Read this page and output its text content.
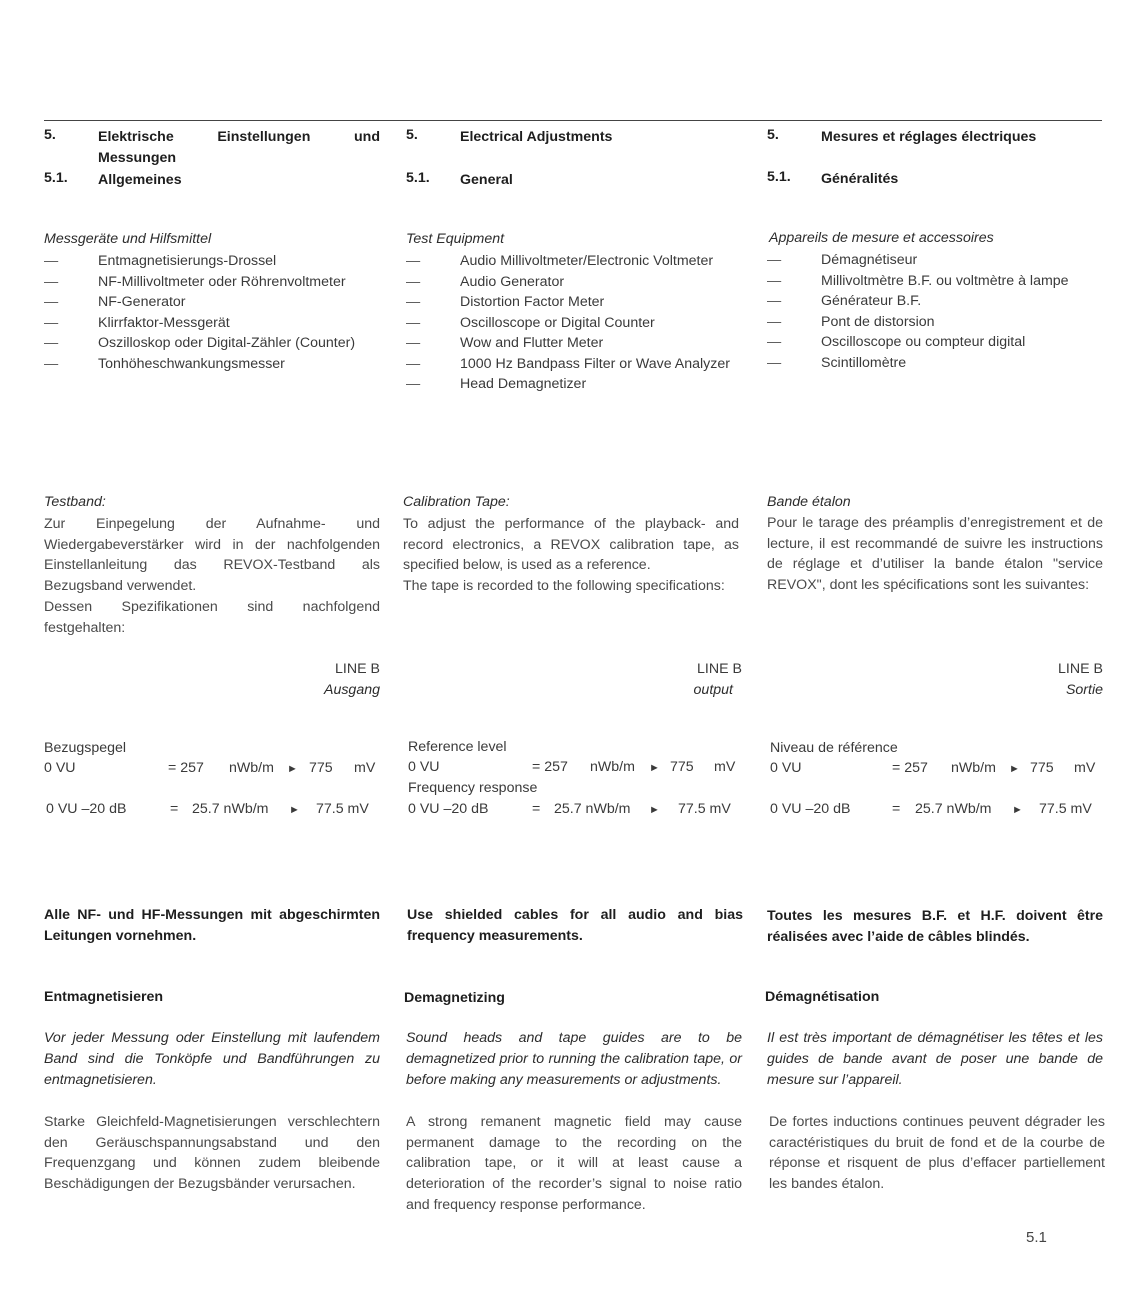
5.	Elektrische Einstellungen und Messungen
5.1. Allgemeines
Messgeräte und Hilfsmittel
— Entmagnetisierungs-Drossel
— NF-Millivoltmeter oder Röhrenvoltmeter
— NF-Generator
— Klirrfaktor-Messgerät
— Oszilloskop oder Digital-Zähler (Counter)
— Tonhöheschwankungsmesser
Testband:
Zur Einpegelung der Aufnahme- und Wiedergabeverstärker wird in der nachfolgenden Einstellanleitung das REVOX-Testband als Bezugsband verwendet.
Dessen Spezifikationen sind nachfolgend festgehalten:
LINE B
Ausgang
Bezugspegel
0 VU	= 257 nWb/m ► 775 mV
0 VU –20 dB	= 25.7 nWb/m ► 77.5 mV
Alle NF- und HF-Messungen mit abgeschirmten Leitungen vornehmen.
Entmagnetisieren
Vor jeder Messung oder Einstellung mit laufendem Band sind die Tonköpfe und Bandführungen zu entmagnetisieren.
Starke Gleichfeld-Magnetisierungen verschlechtern den Geräuschspannungsabstand und den Frequenzgang und können zudem bleibende Beschädigungen der Bezugsbänder verursachen.
5.	Electrical Adjustments
5.1. General
Test Equipment
— Audio Millivoltmeter/Electronic Voltmeter
— Audio Generator
— Distortion Factor Meter
— Oscilloscope or Digital Counter
— Wow and Flutter Meter
— 1000 Hz Bandpass Filter or Wave Analyzer
— Head Demagnetizer
Calibration Tape:
To adjust the performance of the playback- and record electronics, a REVOX calibration tape, as specified below, is used as a reference.
The tape is recorded to the following specifications:
LINE B
output
Reference level
0 VU	= 257 nWb/m ► 775 mV
Frequency response
0 VU –20 dB	= 25.7 nWb/m ► 77.5 mV
Use shielded cables for all audio and bias frequency measurements.
Demagnetizing
Sound heads and tape guides are to be demagnetized prior to running the calibration tape, or before making any measurements or adjustments.
A strong remanent magnetic field may cause permanent damage to the recording on the calibration tape, or it will at least cause a deterioration of the recorder’s signal to noise ratio and frequency response performance.
5.	Mesures et réglages électriques
5.1. Généralités
Appareils de mesure et accessoires
— Démagnétiseur
— Millivoltmètre B.F. ou voltmètre à lampe
— Générateur B.F.
— Pont de distorsion
— Oscilloscope ou compteur digital
— Scintillomètre
Bande étalon
Pour le tarage des préamplis d’enregistrement et de lecture, il est recommandé de suivre les instructions de réglage et d’utiliser la bande étalon "service REVOX", dont les spécifications sont les suivantes:
LINE B
Sortie
Niveau de référence
0 VU	= 257 nWb/m ► 775 mV
0 VU –20 dB	= 25.7 nWb/m ► 77.5 mV
Toutes les mesures B.F. et H.F. doivent être réalisées avec l’aide de câbles blindés.
Démagnétisation
Il est très important de démagnétiser les têtes et les guides de bande avant de poser une bande de mesure sur l’appareil.
De fortes inductions continues peuvent dégrader les caractéristiques du bruit de fond et de la courbe de réponse et risquent de plus d’effacer partiellement les bandes étalon.
5.1
